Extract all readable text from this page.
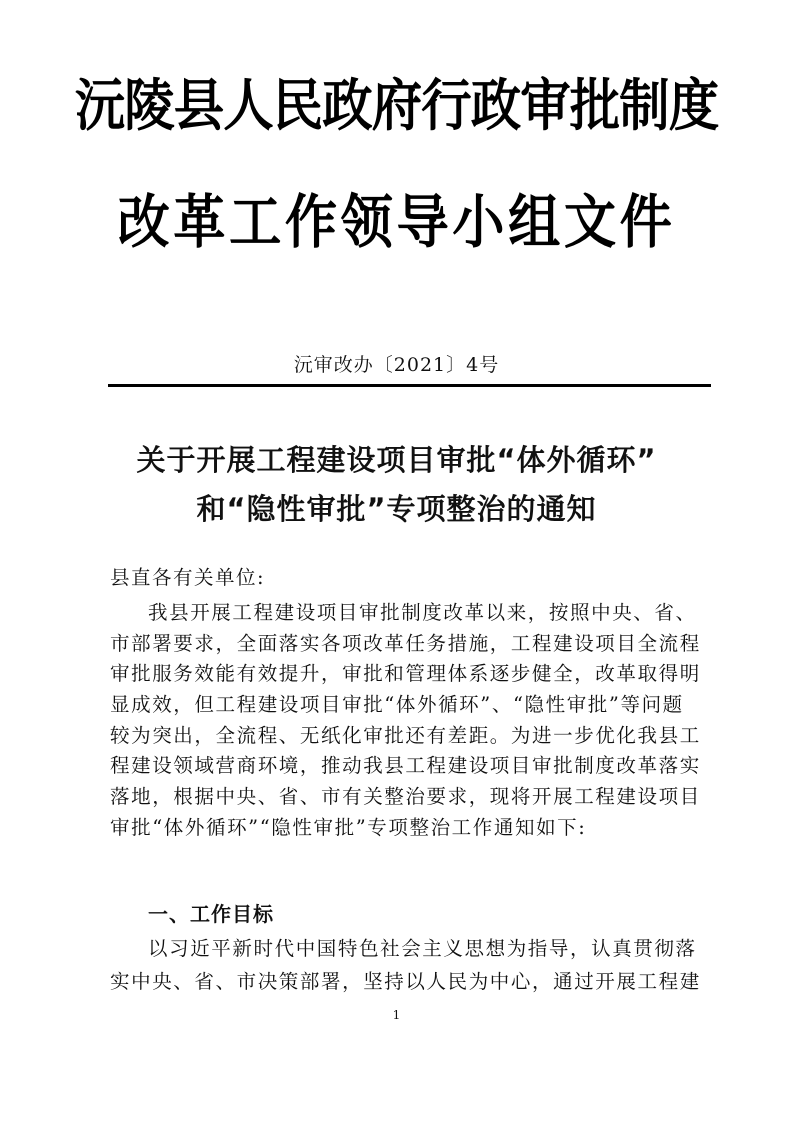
沅陵县人民政府行政审批制度
改革工作领导小组文件
沅审改办〔2021〕4号
关于开展工程建设项目审批“体外循环”
和“隐性审批”专项整治的通知
县直各有关单位:
我县开展工程建设项目审批制度改革以来，按照中央、省、
市部署要求，全面落实各项改革任务措施，工程建设项目全流程
审批服务效能有效提升，审批和管理体系逐步健全，改革取得明
显成效，但工程建设项目审批“体外循环”、“隐性审批”等问题
较为突出，全流程、无纸化审批还有差距。为进一步优化我县工
程建设领域营商环境，推动我县工程建设项目审批制度改革落实
落地，根据中央、省、市有关整治要求，现将开展工程建设项目
审批“体外循环”“隐性审批”专项整治工作通知如下:
一、工作目标
以习近平新时代中国特色社会主义思想为指导，认真贯彻落
实中央、省、市决策部署，坚持以人民为中心，通过开展工程建
1
